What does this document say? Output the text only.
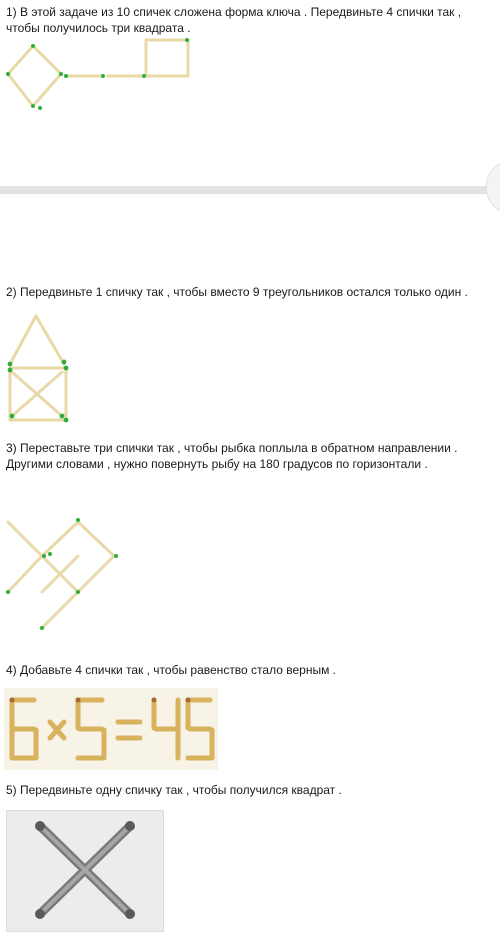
1) В этой задаче из 10 спичек сложена форма ключа . Передвиньте 4 спички так , чтобы получилось три квадрата .
2) Передвиньте 1 спичку так , чтобы вместо 9 треугольников остался только один .
3) Переставьте три спички так , чтобы рыбка поплыла в обратном направлении . Другими словами , нужно повернуть рыбу на 180 градусов по горизонтали .
4) Добавьте 4 спички так , чтобы равенство стало верным .
5) Передвиньте одну спичку так , чтобы получился квадрат .
